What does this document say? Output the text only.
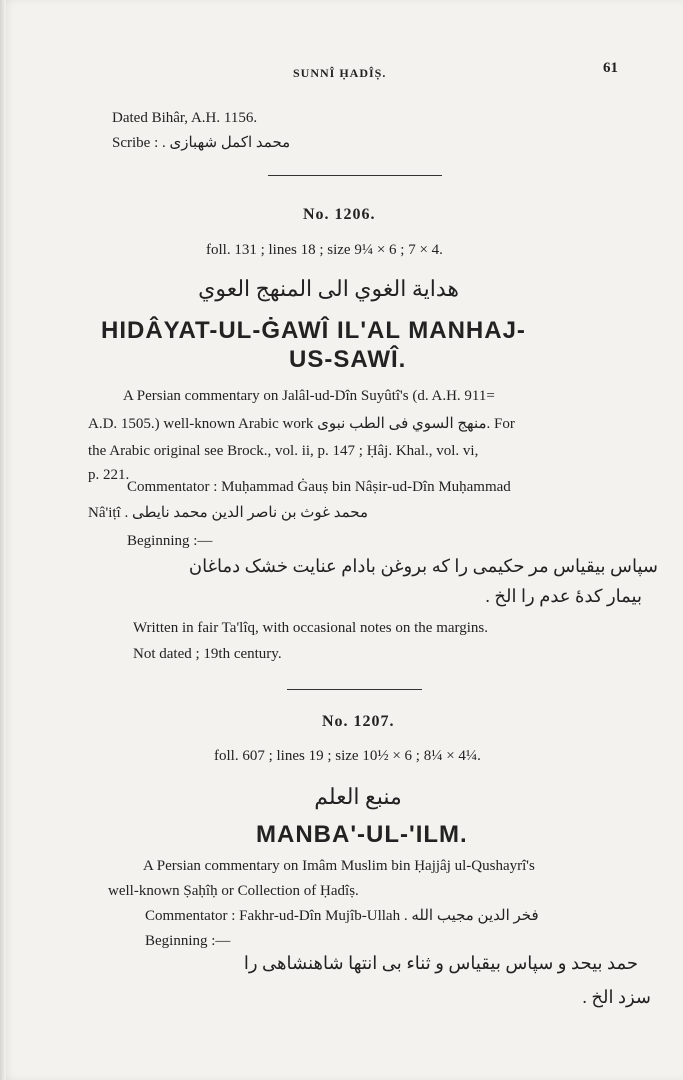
SUNNÎ ḤADÎṢ.	61
Dated Bihâr, A.H. 1156.
Scribe : محمد اکمل شهبازی .
No. 1206.
foll. 131 ; lines 18 ; size 9¼ × 6 ; 7 × 4.
هداية الغوي الى المنهج العوي
HIDÂYAT-UL-ĠAWÎ IL'AL MANHAJ-
US-SAWÎ.
A Persian commentary on Jalâl-ud-Dîn Suyûtî's (d. A.H. 911=
A.D. 1505.) well-known Arabic work منهج السوي فی الطب نبوی. For
the Arabic original see Brock., vol. ii, p. 147 ; Ḥâj. Khal., vol. vi,
p. 221.
Commentator : Muḥammad Ġauṣ bin Nâṣir-ud-Dîn Muḥammad
Nâ'iṭî محمد غوث بن ناصر الدین محمد نایطی .
Beginning :—
سپاس بیقیاس مر حکیمی را که بروغن بادام عنایت خشک دماغان
بیمار کدهٔ عدم را الخ .
Written in fair Ta'lîq, with occasional notes on the margins.
Not dated ; 19th century.
No. 1207.
foll. 607 ; lines 19 ; size 10½ × 6 ; 8¼ × 4¼.
منبع العلم
MANBA'-UL-'ILM.
A Persian commentary on Imâm Muslim bin Ḥajjâj ul-Qushayrî's
well-known Ṣaḥîḥ or Collection of Ḥadîṣ.
Commentator : Fakhr-ud-Dîn Mujîb-Ullah فخر الدین مجیب الله .
Beginning :—
حمد بیحد و سپاس بیقیاس و ثناء بی انتها شاهنشاهی را
سزد الخ .
